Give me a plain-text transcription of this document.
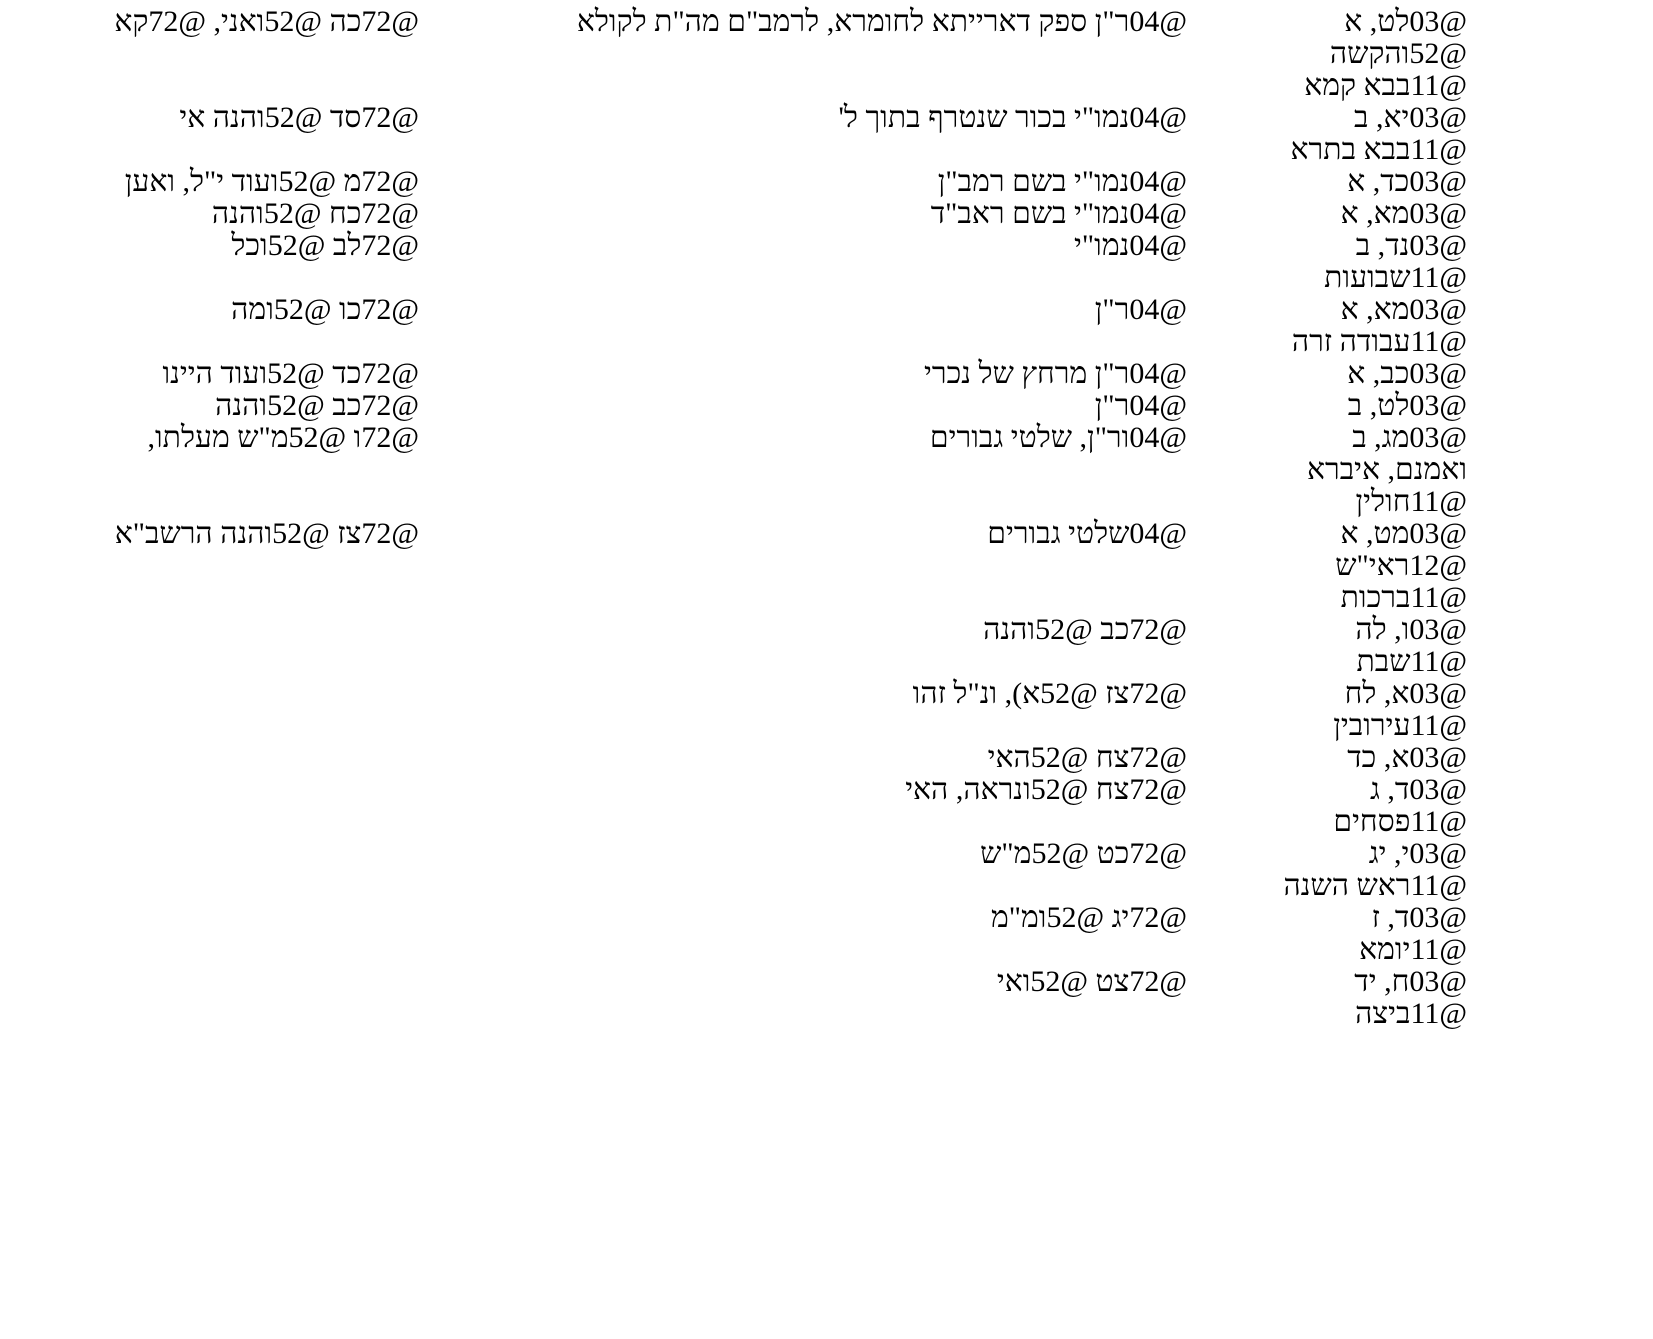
@03לט, א
@04ר"ן ספק דארייתא לחומרא, לרמב"ם מה"ת לקולא
@72כה @52ואני, @72קא
@52והקשה
@11בבא קמא
@03יא, ב
@04נמו"י בכור שנטרף בתוך ל'
@72סד @52והנה אי
@11בבא בתרא
@03כד, א
@04נמו"י בשם רמב"ן
@72מ @52ועוד י"ל, ואען
@03מא, א
@04נמו"י בשם ראב"ד
@72כח @52והנה
@03נד, ב
@04נמו"י
@72לב @52וכל
@11שבועות
@03מא, א
@04ר"ן
@72כו @52ומה
@11עבודה זרה
@03כב, א
@04ר"ן מרחץ של נכרי
@72כד @52ועוד היינו
@03לט, ב
@04ר"ן
@72כב @52והנה
@03מג, ב
@04ור"ן, שלטי גבורים
@72ו @52מ"ש מעלתו,
ואמנם, איברא
@11חולין
@03מט, א
@04שלטי גבורים
@72צז @52והנה הרשב"א
@12ראי"ש
@11ברכות
@03ו, לה
@72כב @52והנה
@11שבת
@03א, לח
@72צז @52א), ונ"ל זהו
@11עירובין
@03א, כד
@72צח @52האי
@03ד, ג
@72צח @52ונראה, האי
@11פסחים
@03י, יג
@72כט @52מ"ש
@11ראש השנה
@03ד, ז
@72יג @52ומ"מ
@11יומא
@03ח, יד
@72צט @52ואי
@11ביצה
